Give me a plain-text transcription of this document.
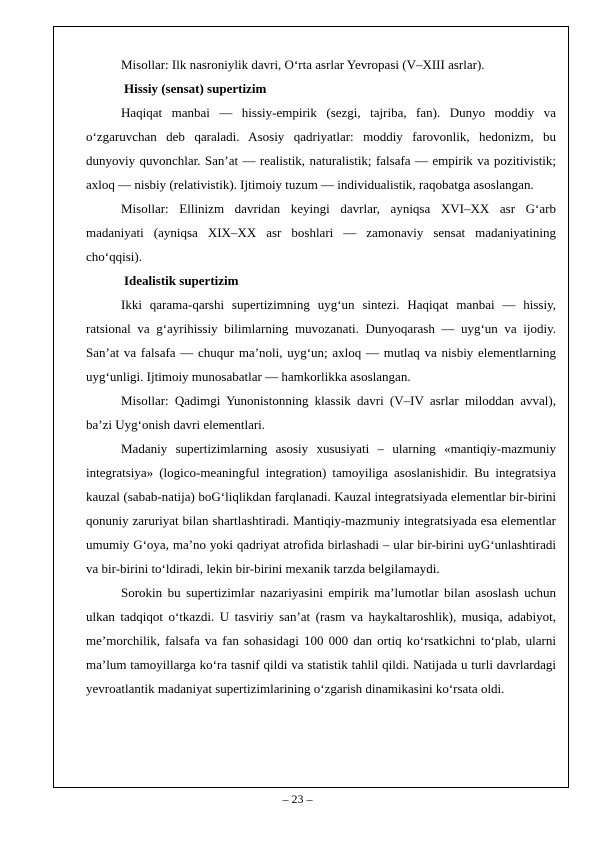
Misollar: Ilk nasroniylik davri, O‘rta asrlar Yevropasi (V–XIII asrlar).

Hissiy (sensat) supertizim

Haqiqat manbai — hissiy-empirik (sezgi, tajriba, fan). Dunyo moddiy va o‘zgaruvchan deb qaraladi. Asosiy qadriyatlar: moddiy farovonlik, hedonizm, bu dunyoviy quvonchlar. San’at — realistik, naturalistik; falsafa — empirik va pozitivistik; axloq — nisbiy (relativistik). Ijtimoiy tuzum — individualistik, raqobatga asoslangan.

Misollar: Ellinizm davridan keyingi davrlar, ayniqsa XVI–XX asr G‘arb madaniyati (ayniqsa XIX–XX asr boshlari — zamonaviy sensat madaniyatining cho‘qqisi).

Idealistik supertizim

Ikki qarama-qarshi supertizimning uyg‘un sintezi. Haqiqat manbai — hissiy, ratsional va g‘ayrihissiy bilimlarning muvozanati. Dunyoqarash — uyg‘un va ijodiy. San’at va falsafa — chuqur ma’noli, uyg‘un; axloq — mutlaq va nisbiy elementlarning uyg‘unligi. Ijtimoiy munosabatlar — hamkorlikka asoslangan.

Misollar: Qadimgi Yunonistonning klassik davri (V–IV asrlar miloddan avval), ba’zi Uyg‘onish davri elementlari.

Madaniy supertizimlarning asosiy xususiyati – ularning «mantiqiy-mazmuniy integratsiya» (logico-meaningful integration) tamoyiliga asoslanishidir. Bu integratsiya kauzal (sabab-natija) boG‘liqlikdan farqlanadi. Kauzal integratsiyada elementlar bir-birini qonuniy zaruriyat bilan shartlashtiradi. Mantiqiy-mazmuniy integratsiyada esa elementlar umumiy G‘oya, ma’no yoki qadriyat atrofida birlashadi – ular bir-birini uyG‘unlashtiradi va bir-birini to‘ldiradi, lekin bir-birini mexanik tarzda belgilamaydi.

Sorokin bu supertizimlar nazariyasini empirik ma’lumotlar bilan asoslash uchun ulkan tadqiqot o‘tkazdi. U tasviriy san’at (rasm va haykaltaroshlik), musiqa, adabiyot, me’morchilik, falsafa va fan sohasidagi 100 000 dan ortiq ko‘rsatkichni to‘plab, ularni ma’lum tamoyillarga ko‘ra tasnif qildi va statistik tahlil qildi. Natijada u turli davrlardagi yevroatlantik madaniyat supertizimlarining o‘zgarish dinamikasini ko‘rsata oldi.

– 23 –
